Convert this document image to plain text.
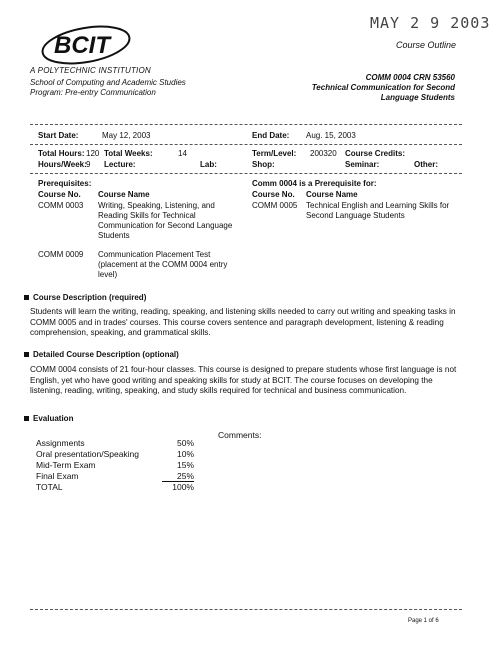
MAY 2 9 2003
Course Outline
BCIT
A POLYTECHNIC INSTITUTION
School of Computing and Academic Studies
Program: Pre-entry Communication
COMM 0004 CRN 53560
Technical Communication for Second
Language Students
Start Date:	May 12, 2003	End Date: Aug. 15, 2003
Total Hours: 120 Total Weeks:	14	Term/Level: 200320 Course Credits:
Hours/Week: 9 Lecture:	Lab:	Shop:	Seminar:	Other:
Prerequisites:
Course No. Course Name
COMM 0003 Writing, Speaking, Listening, and Reading Skills for Technical Communication for Second Language Students
COMM 0009 Communication Placement Test (placement at the COMM 0004 entry level)
Comm 0004 is a Prerequisite for:
Course No. Course Name
COMM 0005 Technical English and Learning Skills for Second Language Students
Course Description (required)
Students will learn the writing, reading, speaking, and listening skills needed to carry out writing and speaking tasks in COMM 0005 and in trades' courses. This course covers sentence and paragraph development, listening & reading comprehension, speaking, and grammatical skills.
Detailed Course Description (optional)
COMM 0004 consists of 21 four-hour classes. This course is designed to prepare students whose first language is not English, yet who have good writing and speaking skills for study at BCIT. The course focuses on developing the listening, reading, writing, speaking, and study skills required for technical and business communication.
Evaluation
Comments:
Assignments	50%
Oral presentation/Speaking	10%
Mid-Term Exam	15%
Final Exam	25%
TOTAL	100%
Page 1 of 6
